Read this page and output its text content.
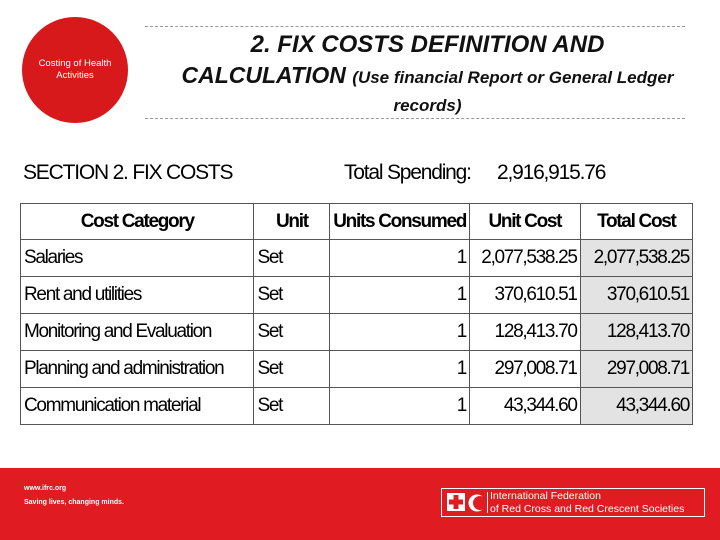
Costing of Health Activities
2. FIX COSTS DEFINITION AND
CALCULATION (Use financial Report or General Ledger
records)
SECTION 2. FIX COSTS	Total Spending: 2,916,915.76
Cost Category	Unit	Units Consumed	Unit Cost	Total Cost
Salaries	Set	1	2,077,538.25	2,077,538.25
Rent and utilities	Set	1	370,610.51	370,610.51
Monitoring and Evaluation	Set	1	128,413.70	128,413.70
Planning and administration	Set	1	297,008.71	297,008.71
Communication material	Set	1	43,344.60	43,344.60
www.ifrc.org
Saving lives, changing minds.
International Federation
of Red Cross and Red Crescent Societies
